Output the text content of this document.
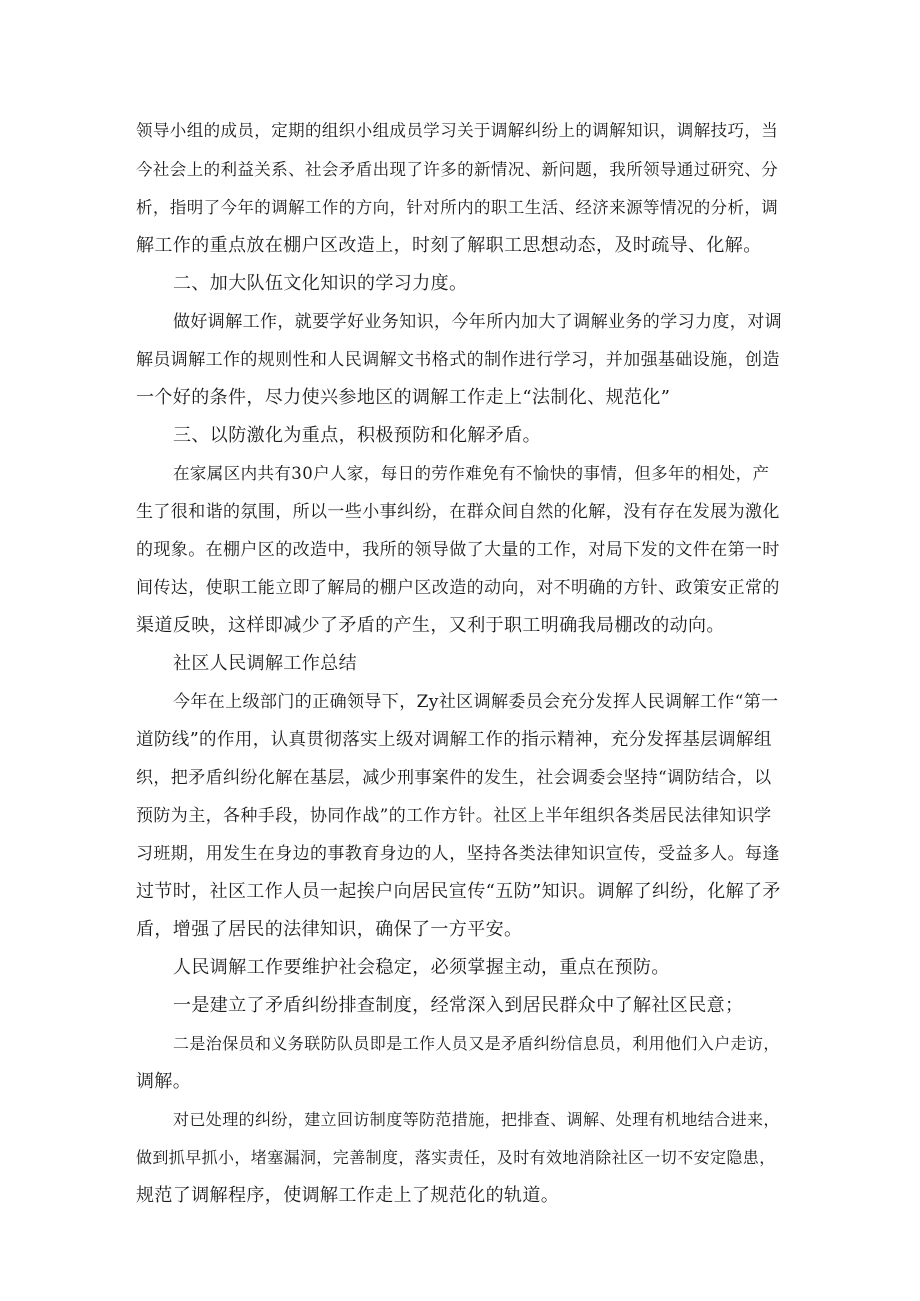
领导小组的成员，定期的组织小组成员学习关于调解纠纷上的调解知识，调解技巧，当
今社会上的利益关系、社会矛盾出现了许多的新情况、新问题，我所领导通过研究、分
析，指明了今年的调解工作的方向，针对所内的职工生活、经济来源等情况的分析，调
解工作的重点放在棚户区改造上，时刻了解职工思想动态，及时疏导、化解。
二、加大队伍文化知识的学习力度。
做好调解工作，就要学好业务知识，今年所内加大了调解业务的学习力度，对调
解员调解工作的规则性和人民调解文书格式的制作进行学习，并加强基础设施，创造
一个好的条件，尽力使兴参地区的调解工作走上“法制化、规范化”
三、以防激化为重点，积极预防和化解矛盾。
在家属区内共有30户人家，每日的劳作难免有不愉快的事情，但多年的相处，产
生了很和谐的氛围，所以一些小事纠纷，在群众间自然的化解，没有存在发展为激化
的现象。在棚户区的改造中，我所的领导做了大量的工作，对局下发的文件在第一时
间传达，使职工能立即了解局的棚户区改造的动向，对不明确的方针、政策安正常的
渠道反映，这样即减少了矛盾的产生，又利于职工明确我局棚改的动向。
社区人民调解工作总结
今年在上级部门的正确领导下，Zy社区调解委员会充分发挥人民调解工作“第一
道防线”的作用，认真贯彻落实上级对调解工作的指示精神，充分发挥基层调解组
织，把矛盾纠纷化解在基层，减少刑事案件的发生，社会调委会坚持“调防结合，以
预防为主，各种手段，协同作战”的工作方针。社区上半年组织各类居民法律知识学
习班期，用发生在身边的事教育身边的人，坚持各类法律知识宣传，受益多人。每逢
过节时，社区工作人员一起挨户向居民宣传“五防”知识。调解了纠纷，化解了矛
盾，增强了居民的法律知识，确保了一方平安。
人民调解工作要维护社会稳定，必须掌握主动，重点在预防。
一是建立了矛盾纠纷排查制度，经常深入到居民群众中了解社区民意；
二是治保员和义务联防队员即是工作人员又是矛盾纠纷信息员，利用他们入户走访，
调解。
对已处理的纠纷，建立回访制度等防范措施，把排查、调解、处理有机地结合进来，
做到抓早抓小，堵塞漏洞，完善制度，落实责任，及时有效地消除社区一切不安定隐患，
规范了调解程序，使调解工作走上了规范化的轨道。
